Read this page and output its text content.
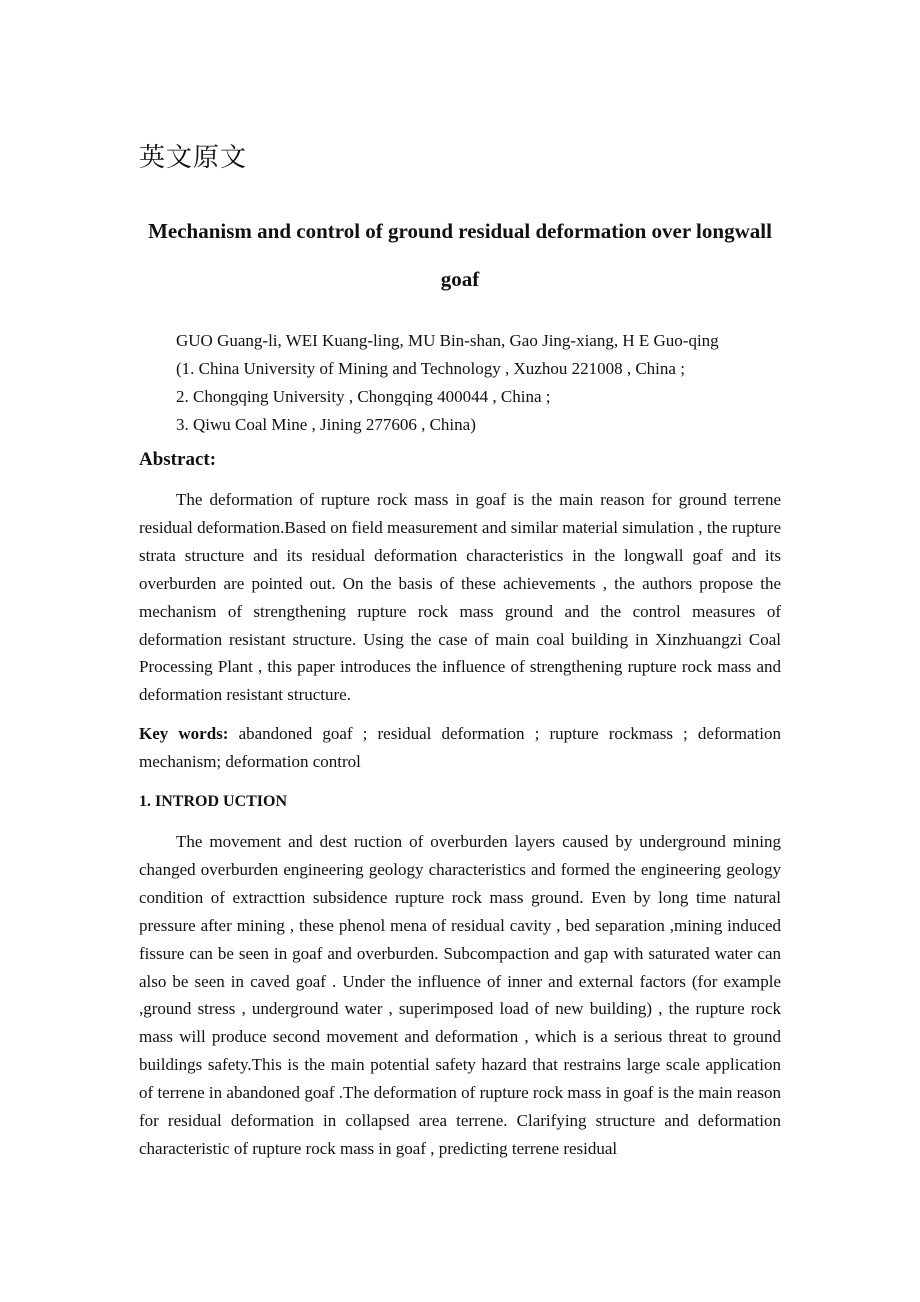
英文原文
Mechanism and control of ground residual deformation over longwall goaf
GUO Guang-li, WEI Kuang-ling, MU Bin-shan, Gao Jing-xiang, H E Guo-qing
(1. China University of Mining and Technology , Xuzhou 221008 , China ;
2. Chongqing University , Chongqing 400044 , China ;
3. Qiwu Coal Mine , Jining 277606 , China)
Abstract:

The deformation of rupture rock mass in goaf is the main reason for ground terrene residual deformation.Based on field measurement and similar material simulation , the rupture strata structure and its residual deformation characteristics in the longwall goaf and its overburden are pointed out. On the basis of these achievements , the authors propose the mechanism of strengthening rupture rock mass ground and the control measures of deformation resistant structure. Using the case of main coal building in Xinzhuangzi Coal Processing Plant , this paper introduces the influence of strengthening rupture rock mass and deformation resistant structure.

Key words: abandoned goaf ; residual deformation ; rupture rockmass ; deformation mechanism; deformation control

1. INTROD UCTION

The movement and dest ruction of overburden layers caused by underground mining changed overburden engineering geology characteristics and formed the engineering geology condition of extracttion subsidence rupture rock mass ground. Even by long time natural pressure after mining , these phenol mena of residual cavity , bed separation ,mining induced fissure can be seen in goaf and overburden. Subcompaction and gap with saturated water can also be seen in caved goaf . Under the influence of inner and external factors (for example ,ground stress , underground water , superimposed load of new building) , the rupture rock mass will produce second movement and deformation , which is a serious threat to ground buildings safety.This is the main potential safety hazard that restrains large scale application of terrene in abandoned goaf .The deformation of rupture rock mass in goaf is the main reason for residual deformation in collapsed area terrene. Clarifying structure and deformation characteristic of rupture rock mass in goaf , predicting terrene residual
